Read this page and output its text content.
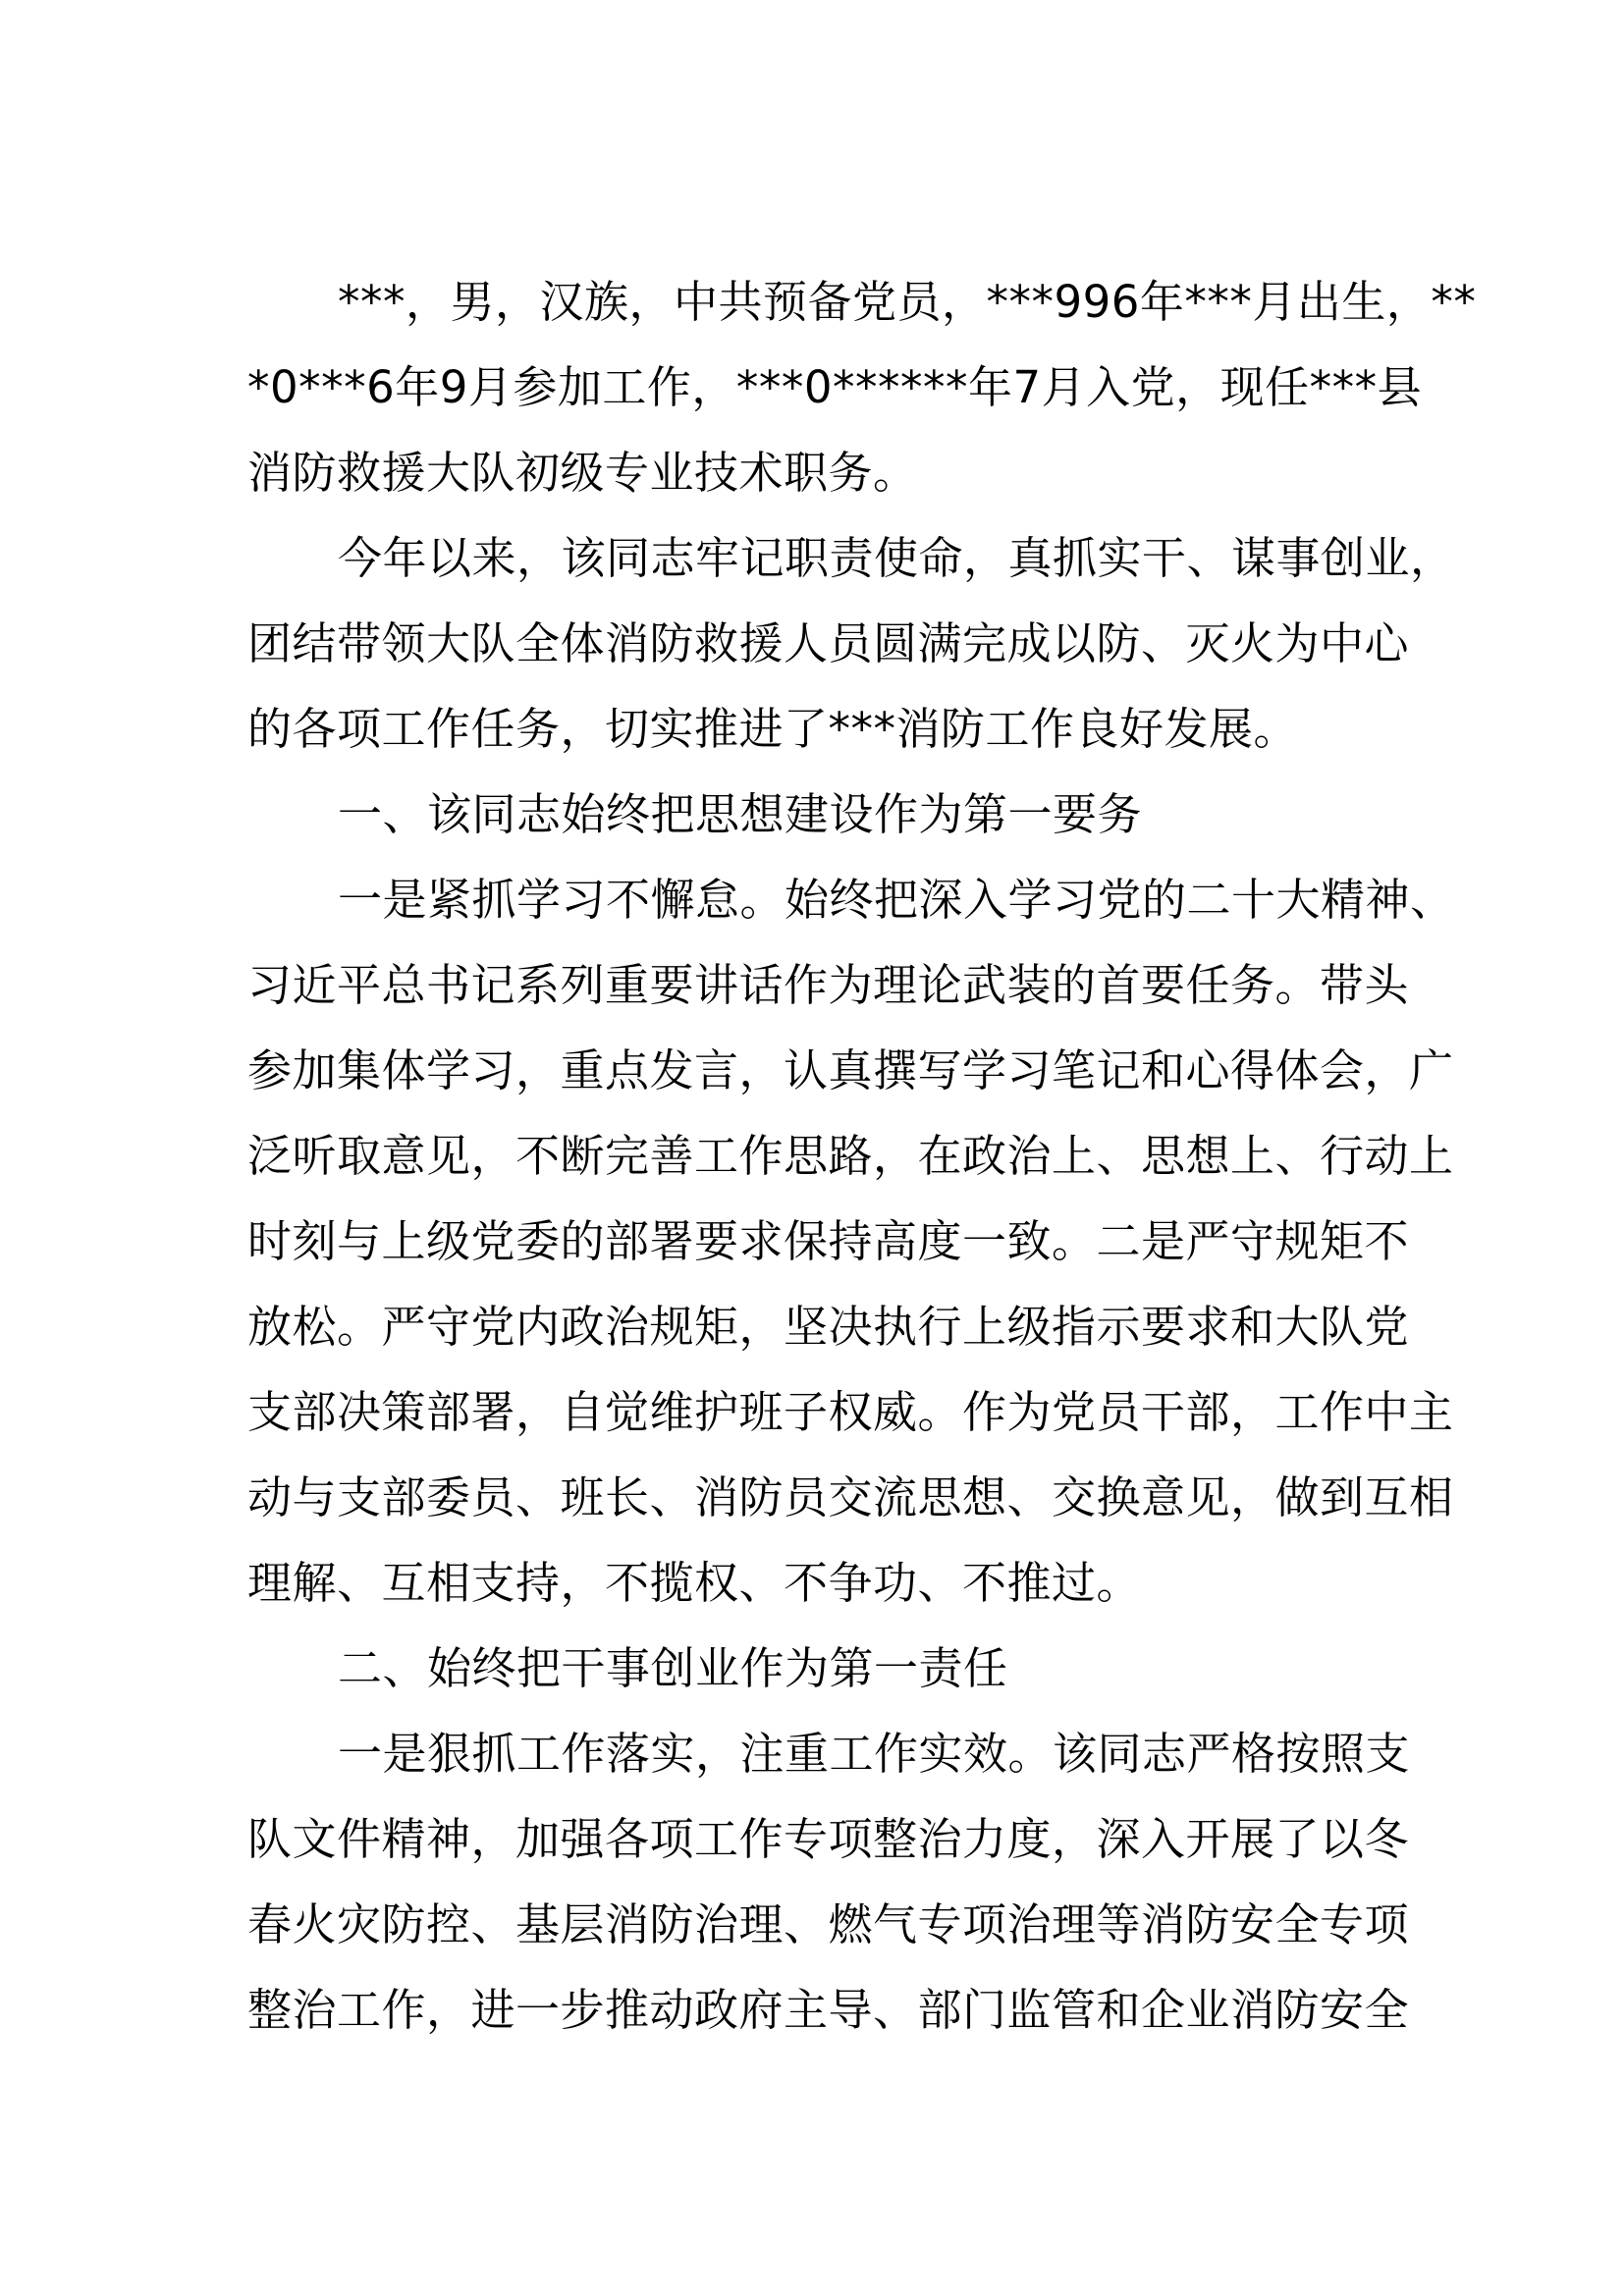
***，男，汉族，中共预备党员，***996年***月出生，**
*0***6年9月参加工作，***0******年7月入党，现任***县
消防救援大队初级专业技术职务。
今年以来，该同志牢记职责使命，真抓实干、谋事创业，
团结带领大队全体消防救援人员圆满完成以防、灭火为中心
的各项工作任务，切实推进了***消防工作良好发展。
一、该同志始终把思想建设作为第一要务
一是紧抓学习不懈怠。始终把深入学习党的二十大精神、
习近平总书记系列重要讲话作为理论武装的首要任务。带头
参加集体学习，重点发言，认真撰写学习笔记和心得体会，广
泛听取意见，不断完善工作思路，在政治上、思想上、行动上
时刻与上级党委的部署要求保持高度一致。二是严守规矩不
放松。严守党内政治规矩，坚决执行上级指示要求和大队党
支部决策部署，自觉维护班子权威。作为党员干部，工作中主
动与支部委员、班长、消防员交流思想、交换意见，做到互相
理解、互相支持，不揽权、不争功、不推过。
二、始终把干事创业作为第一责任
一是狠抓工作落实，注重工作实效。该同志严格按照支
队文件精神，加强各项工作专项整治力度，深入开展了以冬
春火灾防控、基层消防治理、燃气专项治理等消防安全专项
整治工作，进一步推动政府主导、部门监管和企业消防安全
